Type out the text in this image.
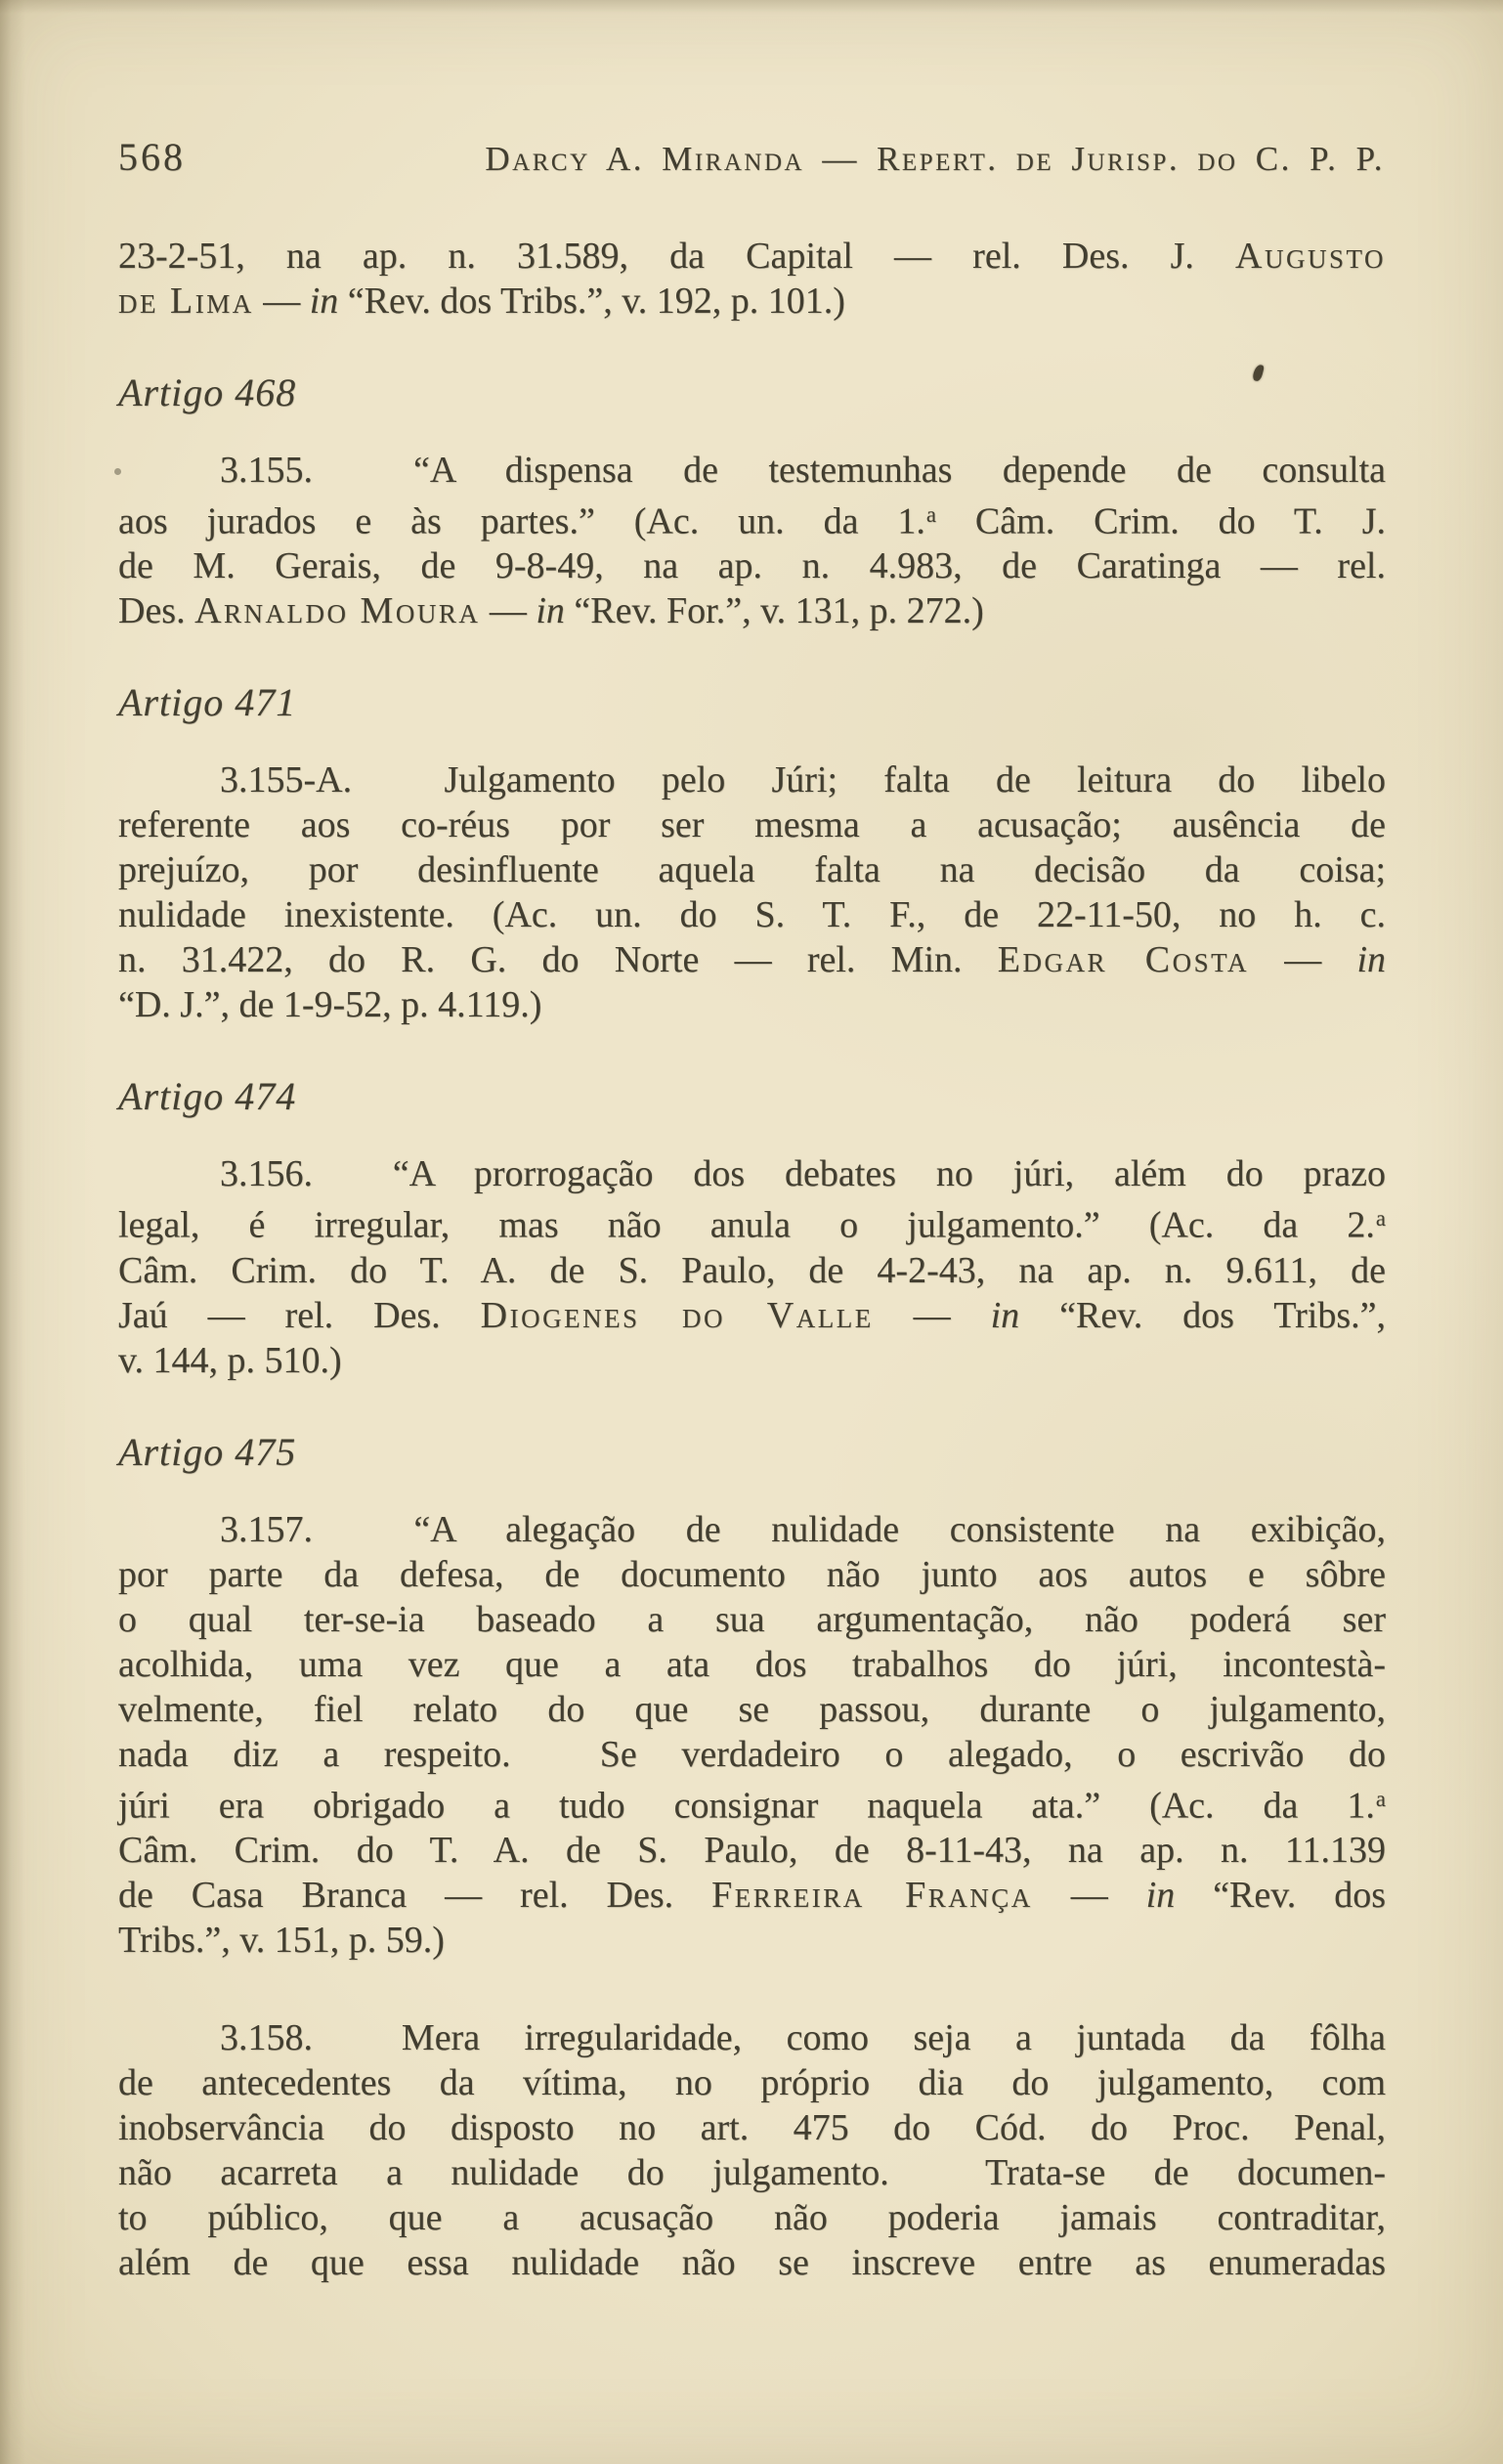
568	Darcy A. Miranda — Repert. de Jurisp. do C. P. P.
23-2-51, na ap. n. 31.589, da Capital — rel. Des. J. Augusto
de Lima — in “Rev. dos Tribs.”, v. 192, p. 101.)
Artigo 468
3.155.  “A dispensa de testemunhas depende de consulta
aos jurados e às partes.” (Ac. un. da 1.$^a$ Câm. Crim. do T. J.
de M. Gerais, de 9-8-49, na ap. n. 4.983, de Caratinga — rel.
Des. Arnaldo Moura — in “Rev. For.”, v. 131, p. 272.)
Artigo 471
3.155-A.  Julgamento pelo Júri; falta de leitura do libelo
referente aos co-réus por ser mesma a acusação; ausência de
prejuízo, por desinfluente aquela falta na decisão da coisa;
nulidade inexistente. (Ac. un. do S. T. F., de 22-11-50, no h. c.
n. 31.422, do R. G. do Norte — rel. Min. Edgar Costa — in
“D. J.”, de 1-9-52, p. 4.119.)
Artigo 474
3.156.  “A prorrogação dos debates no júri, além do prazo
legal, é irregular, mas não anula o julgamento.” (Ac. da 2.$^a$
Câm. Crim. do T. A. de S. Paulo, de 4-2-43, na ap. n. 9.611, de
Jaú — rel. Des. Diogenes do Valle — in “Rev. dos Tribs.”,
v. 144, p. 510.)
Artigo 475
3.157.  “A alegação de nulidade consistente na exibição,
por parte da defesa, de documento não junto aos autos e sôbre
o qual ter-se-ia baseado a sua argumentação, não poderá ser
acolhida, uma vez que a ata dos trabalhos do júri, incontestà-
velmente, fiel relato do que se passou, durante o julgamento,
nada diz a respeito.  Se verdadeiro o alegado, o escrivão do
júri era obrigado a tudo consignar naquela ata.” (Ac. da 1.$^a$
Câm. Crim. do T. A. de S. Paulo, de 8-11-43, na ap. n. 11.139
de Casa Branca — rel. Des. Ferreira França — in “Rev. dos
Tribs.”, v. 151, p. 59.)
3.158.  Mera irregularidade, como seja a juntada da fôlha
de antecedentes da vítima, no próprio dia do julgamento, com
inobservância do disposto no art. 475 do Cód. do Proc. Penal,
não acarreta a nulidade do julgamento.  Trata-se de documen-
to público, que a acusação não poderia jamais contraditar,
além de que essa nulidade não se inscreve entre as enumeradas
